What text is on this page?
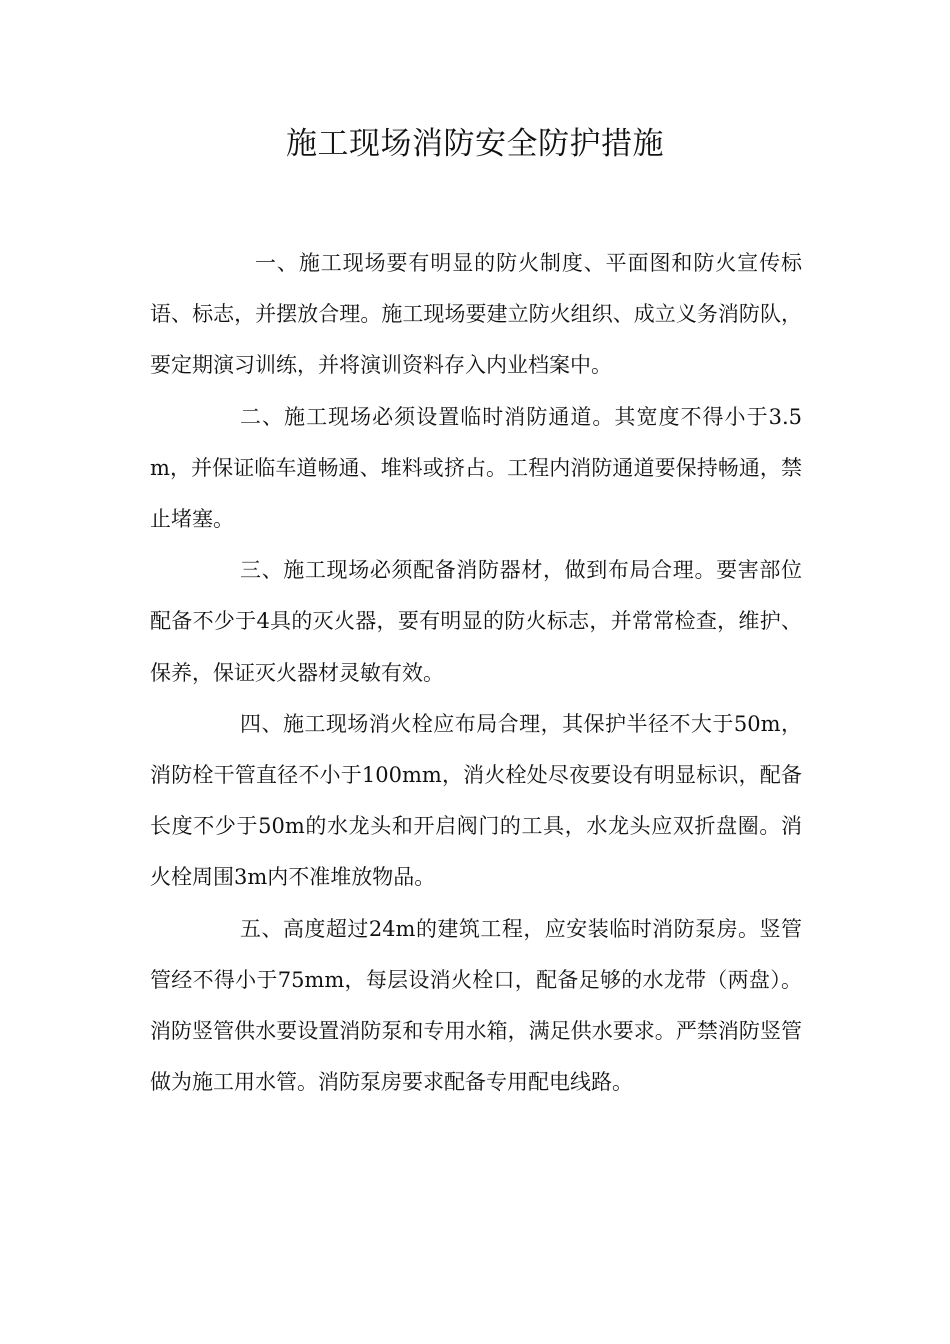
施工现场消防安全防护措施

一、施工现场要有明显的防火制度、平面图和防火宣传标语、标志，并摆放合理。施工现场要建立防火组织、成立义务消防队，要定期演习训练，并将演训资料存入内业档案中。

二、施工现场必须设置临时消防通道。其宽度不得小于3.5m，并保证临车道畅通、堆料或挤占。工程内消防通道要保持畅通，禁止堵塞。

三、施工现场必须配备消防器材，做到布局合理。要害部位配备不少于4具的灭火器，要有明显的防火标志，并常常检查，维护、保养，保证灭火器材灵敏有效。

四、施工现场消火栓应布局合理，其保护半径不大于50m，消防栓干管直径不小于100mm，消火栓处尽夜要设有明显标识，配备长度不少于50m的水龙头和开启阀门的工具，水龙头应双折盘圈。消火栓周围3m内不准堆放物品。

五、高度超过24m的建筑工程，应安装临时消防泵房。竖管管经不得小于75mm，每层设消火栓口，配备足够的水龙带（两盘）。消防竖管供水要设置消防泵和专用水箱，满足供水要求。严禁消防竖管做为施工用水管。消防泵房要求配备专用配电线路。
